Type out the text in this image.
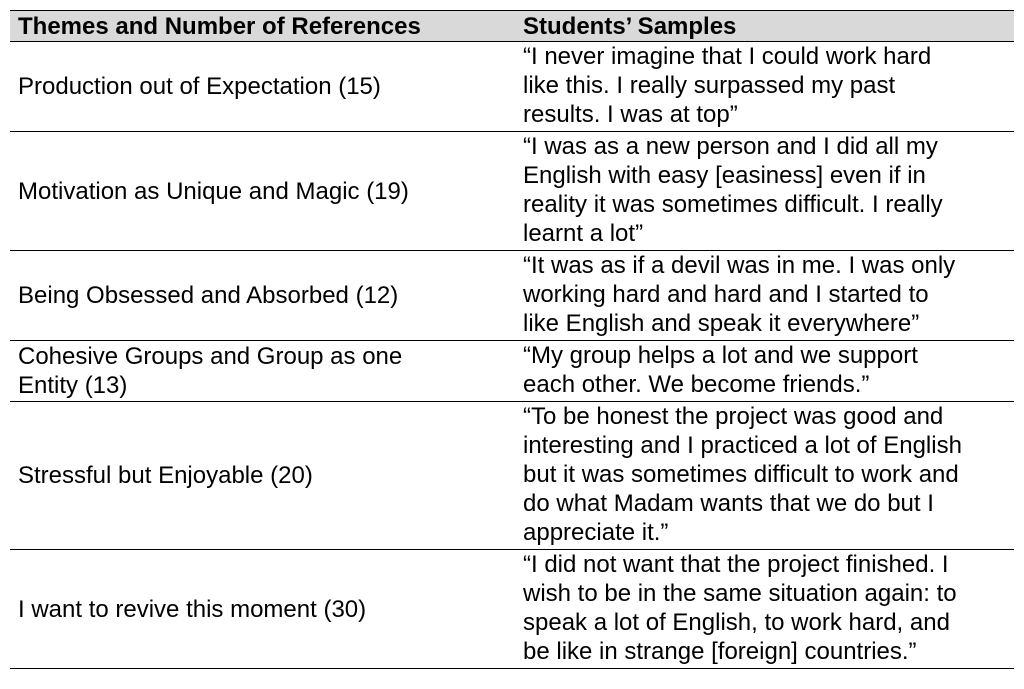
Themes and Number of References	Students’ Samples
Production out of Expectation (15)	“I never imagine that I could work hard
like this. I really surpassed my past
results. I was at top”
Motivation as Unique and Magic (19)	“I was as a new person and I did all my
English with easy [easiness] even if in
reality it was sometimes difficult. I really
learnt a lot”
Being Obsessed and Absorbed (12)	“It was as if a devil was in me. I was only
working hard and hard and I started to
like English and speak it everywhere”
Cohesive Groups and Group as one
Entity (13)	“My group helps a lot and we support
each other. We become friends.”
Stressful but Enjoyable (20)	“To be honest the project was good and
interesting and I practiced a lot of English
but it was sometimes difficult to work and
do what Madam wants that we do but I
appreciate it.”
I want to revive this moment (30)	“I did not want that the project finished. I
wish to be in the same situation again: to
speak a lot of English, to work hard, and
be like in strange [foreign] countries.”
